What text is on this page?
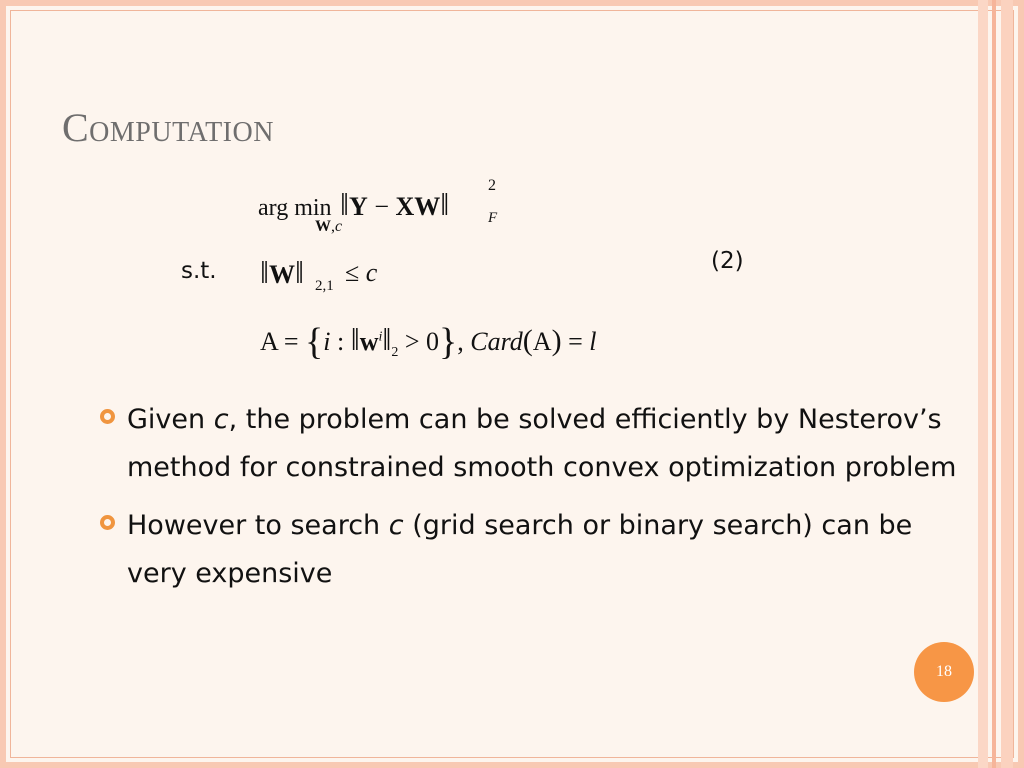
Computation
arg min ‖Y − XW‖
2
F
W,c
s.t.	(2)
‖W‖ 2,1 ≤ c
A = {i : $‖w^i‖_2 > 0$}, Card(A) = l
Given c, the problem can be solved efficiently by Nesterov’s method for constrained smooth convex optimization problem
However to search c (grid search or binary search) can be very expensive
18
